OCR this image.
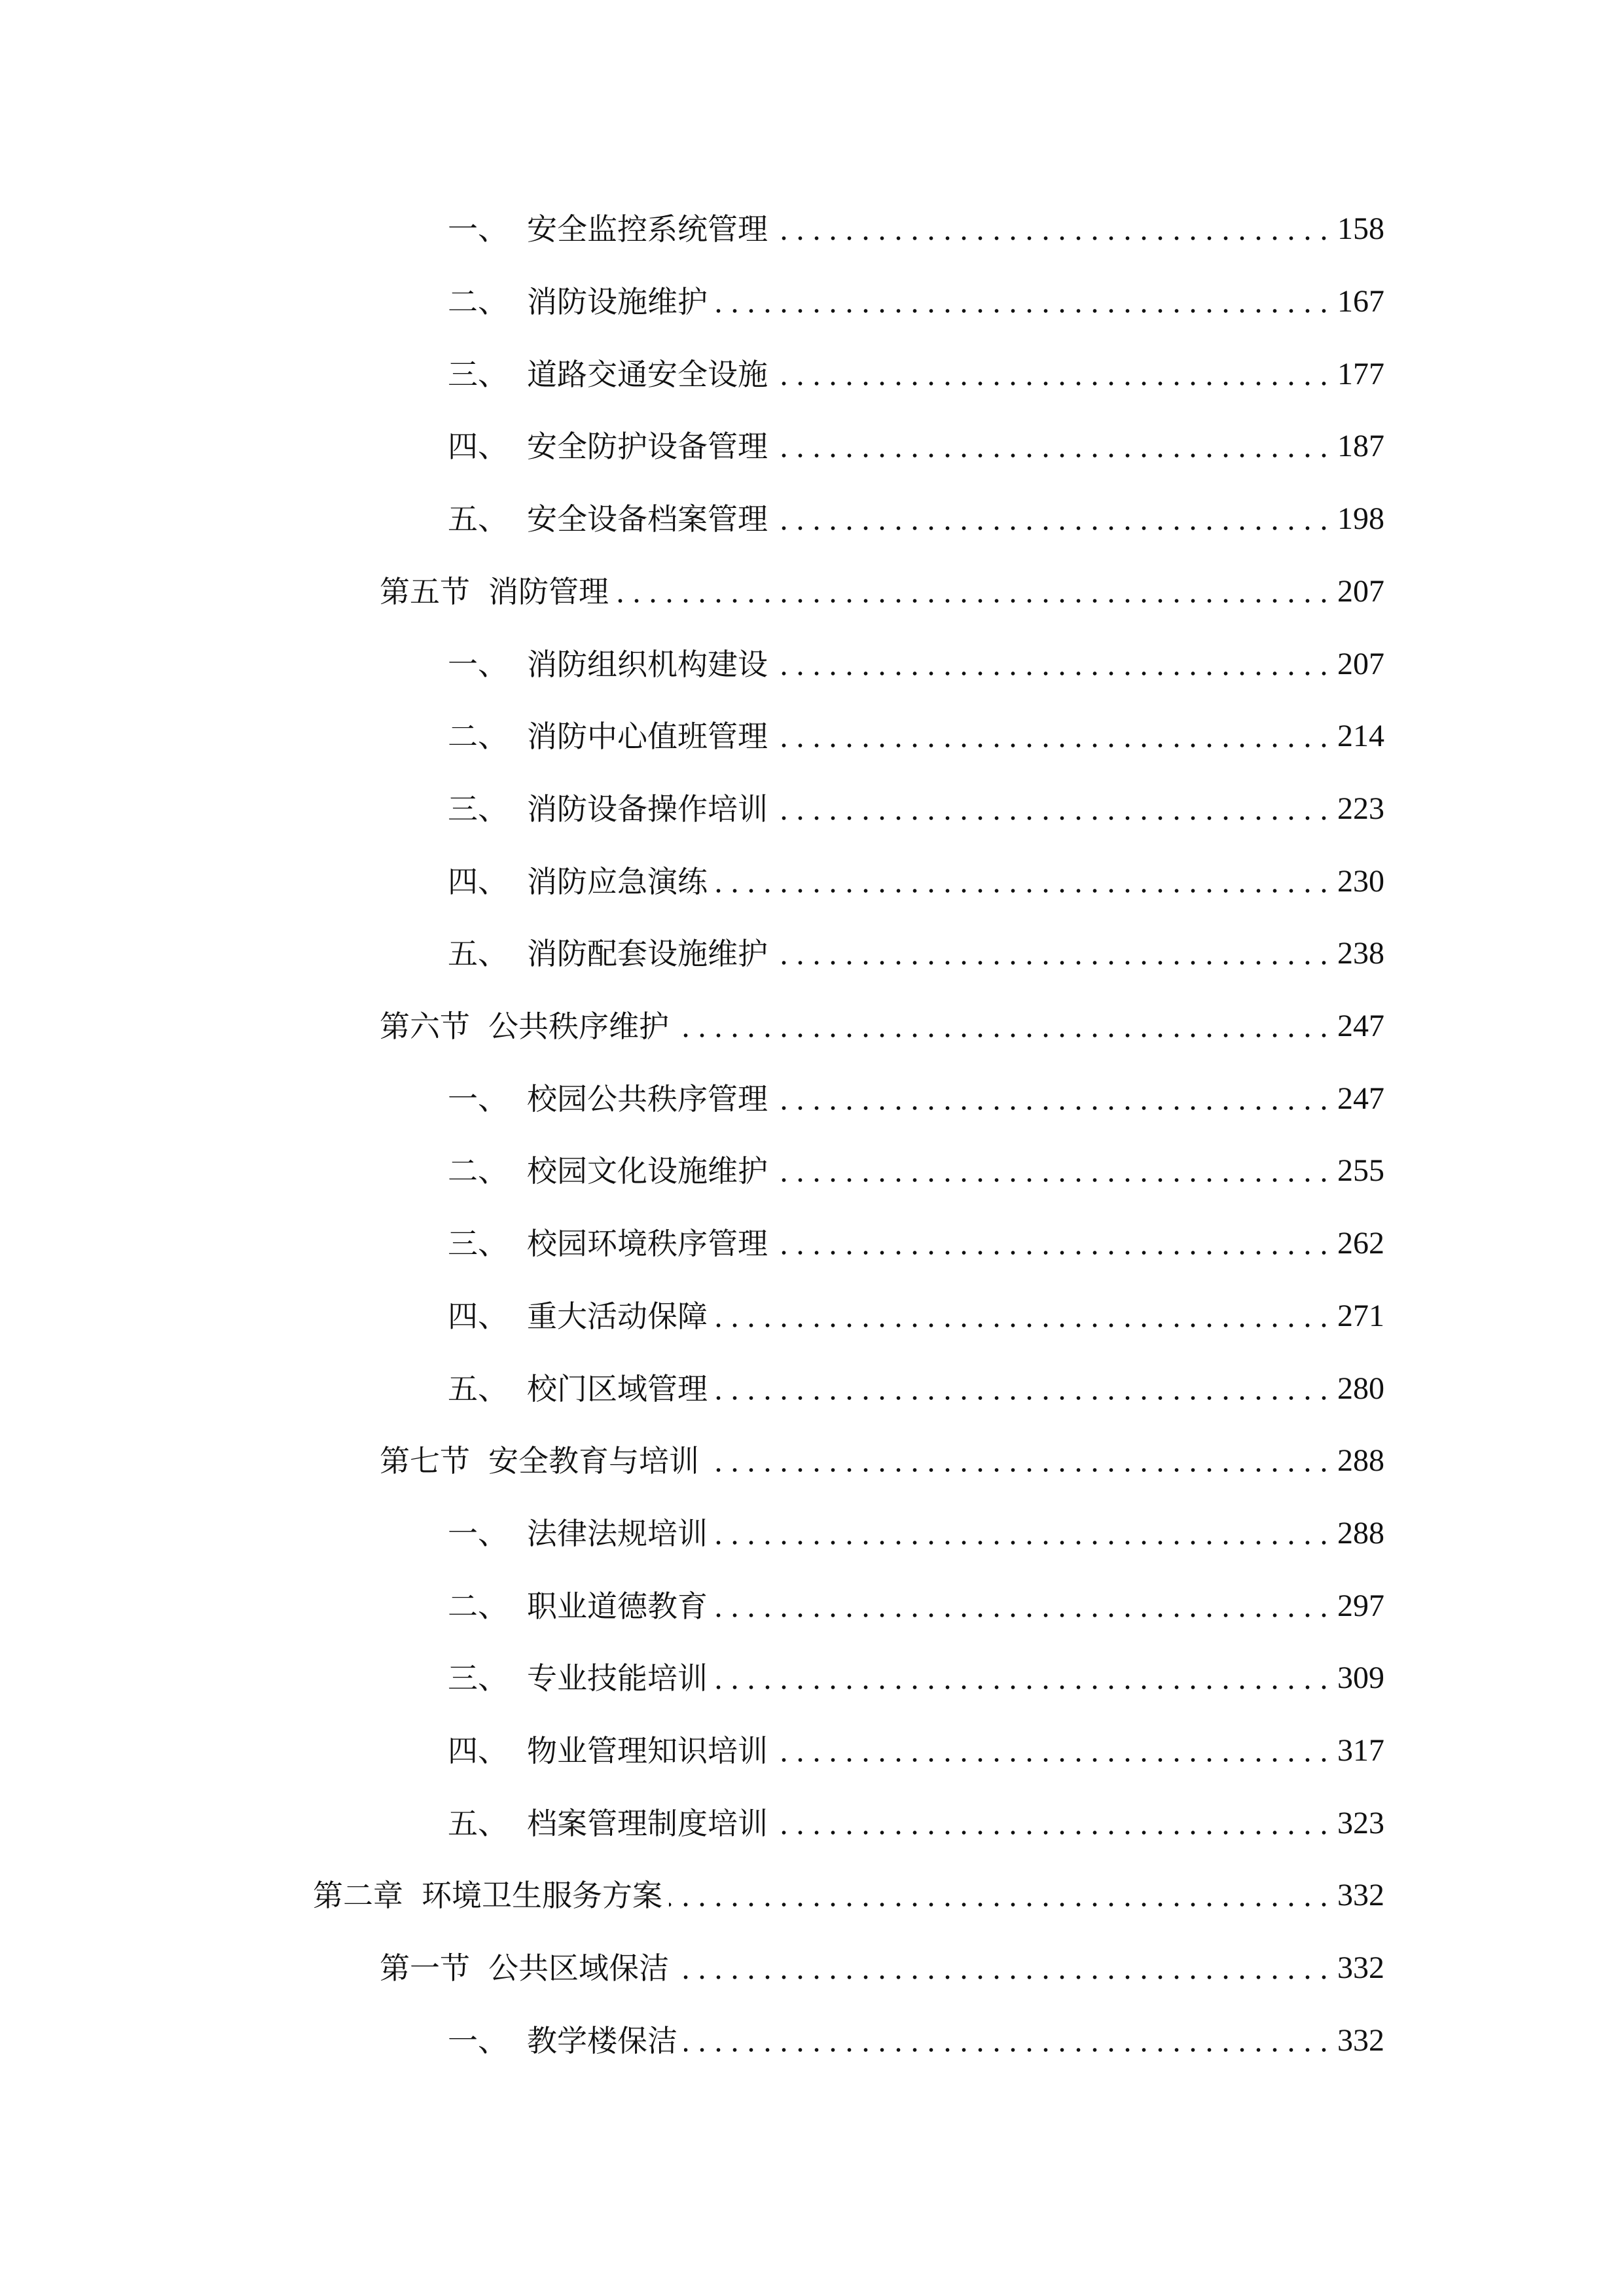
一、 安全监控系统管理	158
二、 消防设施维护	167
三、 道路交通安全设施	177
四、 安全防护设备管理	187
五、 安全设备档案管理	198
第五节 消防管理	207
一、 消防组织机构建设	207
二、 消防中心值班管理	214
三、 消防设备操作培训	223
四、 消防应急演练	230
五、 消防配套设施维护	238
第六节 公共秩序维护	247
一、 校园公共秩序管理	247
二、 校园文化设施维护	255
三、 校园环境秩序管理	262
四、 重大活动保障	271
五、 校门区域管理	280
第七节 安全教育与培训	288
一、 法律法规培训	288
二、 职业道德教育	297
三、 专业技能培训	309
四、 物业管理知识培训	317
五、 档案管理制度培训	323
第二章 环境卫生服务方案	332
第一节 公共区域保洁	332
一、 教学楼保洁	332
